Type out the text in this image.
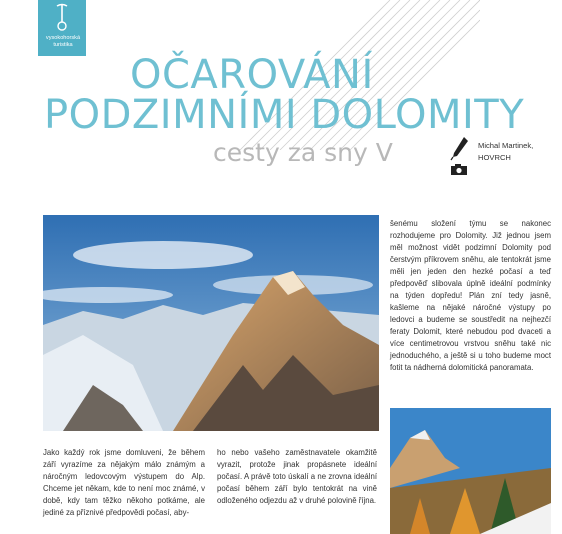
vysokohorská turistika
OČAROVÁNÍ
PODZIMNÍMI DOLOMITY
cesty za sny V	Michal Martinek,
HOVRCH

Jako každý rok jsme domluveni, že během září vyrazíme za nějakým málo známým a náročným ledovcovým výstupem do Alp. Chceme jet někam, kde to není moc známé, v době, kdy tam těžko někoho potkáme, ale jediné za příznivé předpovědi počasí, aby-

ho nebo vašeho zaměstnavatele okamžitě vyrazit, protože jinak propásnete ideální počasí. A právě toto úskalí a ne zrovna ideální počasí během září bylo tentokrát na vině odloženého odjezdu až v druhé polovině října.

šenému složení týmu se nakonec rozhodujeme pro Dolomity. Již jednou jsem měl možnost vidět podzimní Dolomity pod čerstvým příkrovem sněhu, ale tentokrát jsme měli jen jeden den hezké počasí a teď předpověď slibovala úplně ideální podmínky na týden dopředu! Plán zní tedy jasně, kašleme na nějaké náročné výstupy po ledovci a budeme se soustředit na nejhezčí feraty Dolomit, které nebudou pod dvaceti a více centimetrovou vrstvou sněhu také nic jednoduchého, a ještě si u toho budeme moct fotit ta nádherná dolomitická panoramata.
